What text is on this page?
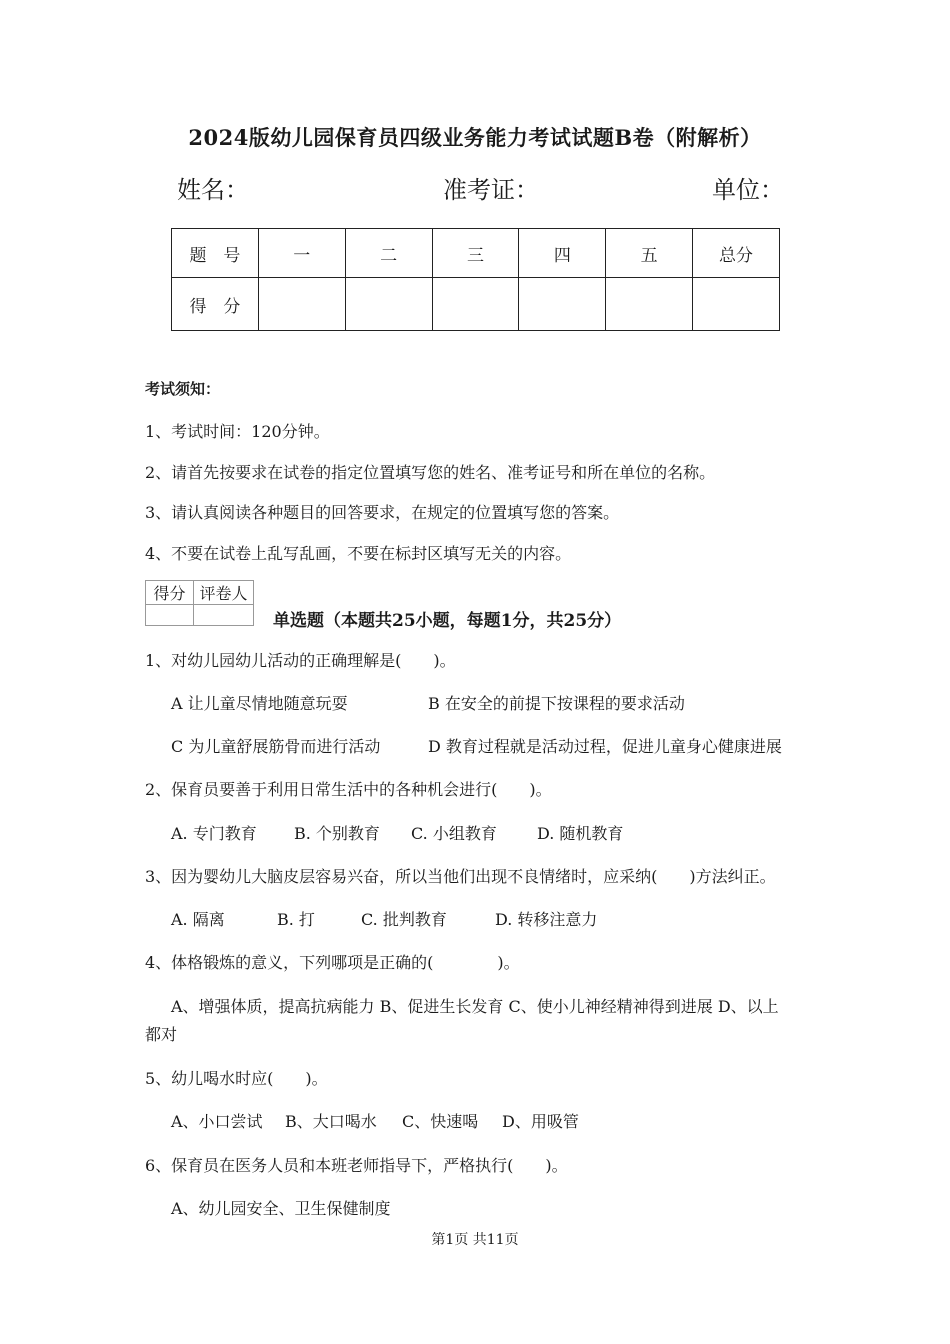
2024版幼儿园保育员四级业务能力考试试题B卷（附解析）
姓名：	准考证：	单位：
题　号	一	二	三	四	五	总分
得　分						
考试须知：
1、考试时间：120分钟。
2、请首先按要求在试卷的指定位置填写您的姓名、准考证号和所在单位的名称。
3、请认真阅读各种题目的回答要求，在规定的位置填写您的答案。
4、不要在试卷上乱写乱画，不要在标封区填写无关的内容。
得分	评卷人

单选题（本题共25小题，每题1分，共25分）
1、对幼儿园幼儿活动的正确理解是(　　)。
A 让儿童尽情地随意玩耍	B 在安全的前提下按课程的要求活动
C 为儿童舒展筋骨而进行活动	D 教育过程就是活动过程，促进儿童身心健康进展
2、保育员要善于利用日常生活中的各种机会进行(　　)。
A. 专门教育 B. 个别教育 C. 小组教育	D. 随机教育
3、因为婴幼儿大脑皮层容易兴奋，所以当他们出现不良情绪时，应采纳(　　)方法纠正。
A. 隔离	B. 打	C. 批判教育	D. 转移注意力
4、体格锻炼的意义，下列哪项是正确的(　　　　)。
A、增强体质，提高抗病能力 B、促进生长发育 C、使小儿神经精神得到进展 D、以上
都对
5、幼儿喝水时应(　　)。
A、小口尝试 B、大口喝水 C、快速喝 D、用吸管
6、保育员在医务人员和本班老师指导下，严格执行(　　)。
A、幼儿园安全、卫生保健制度
第1页 共11页
